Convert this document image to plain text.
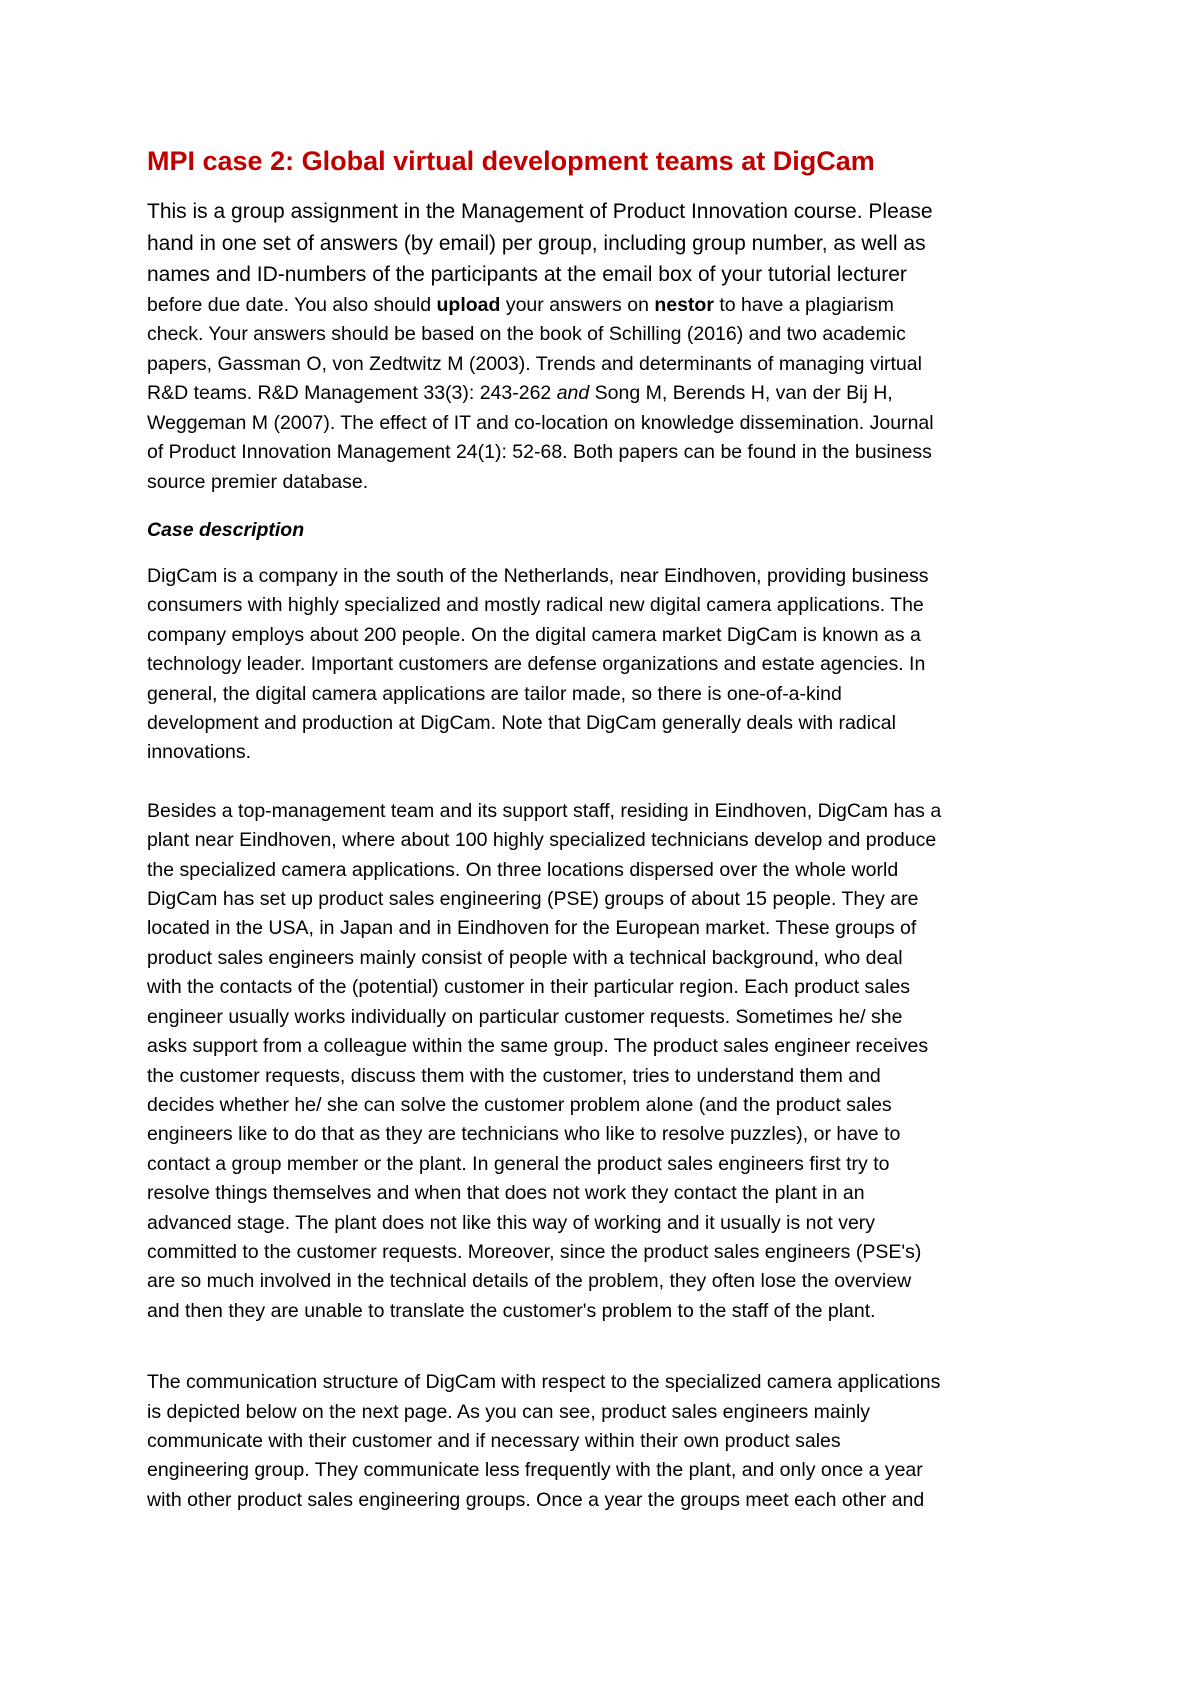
MPI case 2: Global virtual development teams at DigCam
This is a group assignment in the Management of Product Innovation course. Please
hand in one set of answers (by email) per group, including group number, as well as
names and ID-numbers of the participants at the email box of your tutorial lecturer
before due date. You also should upload your answers on nestor to have a plagiarism
check. Your answers should be based on the book of Schilling (2016) and two academic
papers, Gassman O, von Zedtwitz M (2003). Trends and determinants of managing virtual
R&D teams. R&D Management 33(3): 243-262 and Song M, Berends H, van der Bij H,
Weggeman M (2007). The effect of IT and co-location on knowledge dissemination. Journal
of Product Innovation Management 24(1): 52-68. Both papers can be found in the business
source premier database.
Case description
DigCam is a company in the south of the Netherlands, near Eindhoven, providing business
consumers with highly specialized and mostly radical new digital camera applications. The
company employs about 200 people. On the digital camera market DigCam is known as a
technology leader. Important customers are defense organizations and estate agencies. In
general, the digital camera applications are tailor made, so there is one-of-a-kind
development and production at DigCam. Note that DigCam generally deals with radical
innovations.
Besides a top-management team and its support staff, residing in Eindhoven, DigCam has a
plant near Eindhoven, where about 100 highly specialized technicians develop and produce
the specialized camera applications. On three locations dispersed over the whole world
DigCam has set up product sales engineering (PSE) groups of about 15 people. They are
located in the USA, in Japan and in Eindhoven for the European market. These groups of
product sales engineers mainly consist of people with a technical background, who deal
with the contacts of the (potential) customer in their particular region. Each product sales
engineer usually works individually on particular customer requests. Sometimes he/ she
asks support from a colleague within the same group. The product sales engineer receives
the customer requests, discuss them with the customer, tries to understand them and
decides whether he/ she can solve the customer problem alone (and the product sales
engineers like to do that as they are technicians who like to resolve puzzles), or have to
contact a group member or the plant. In general the product sales engineers first try to
resolve things themselves and when that does not work they contact the plant in an
advanced stage. The plant does not like this way of working and it usually is not very
committed to the customer requests. Moreover, since the product sales engineers (PSE's)
are so much involved in the technical details of the problem, they often lose the overview
and then they are unable to translate the customer's problem to the staff of the plant.
The communication structure of DigCam with respect to the specialized camera applications
is depicted below on the next page. As you can see, product sales engineers mainly
communicate with their customer and if necessary within their own product sales
engineering group. They communicate less frequently with the plant, and only once a year
with other product sales engineering groups. Once a year the groups meet each other and
